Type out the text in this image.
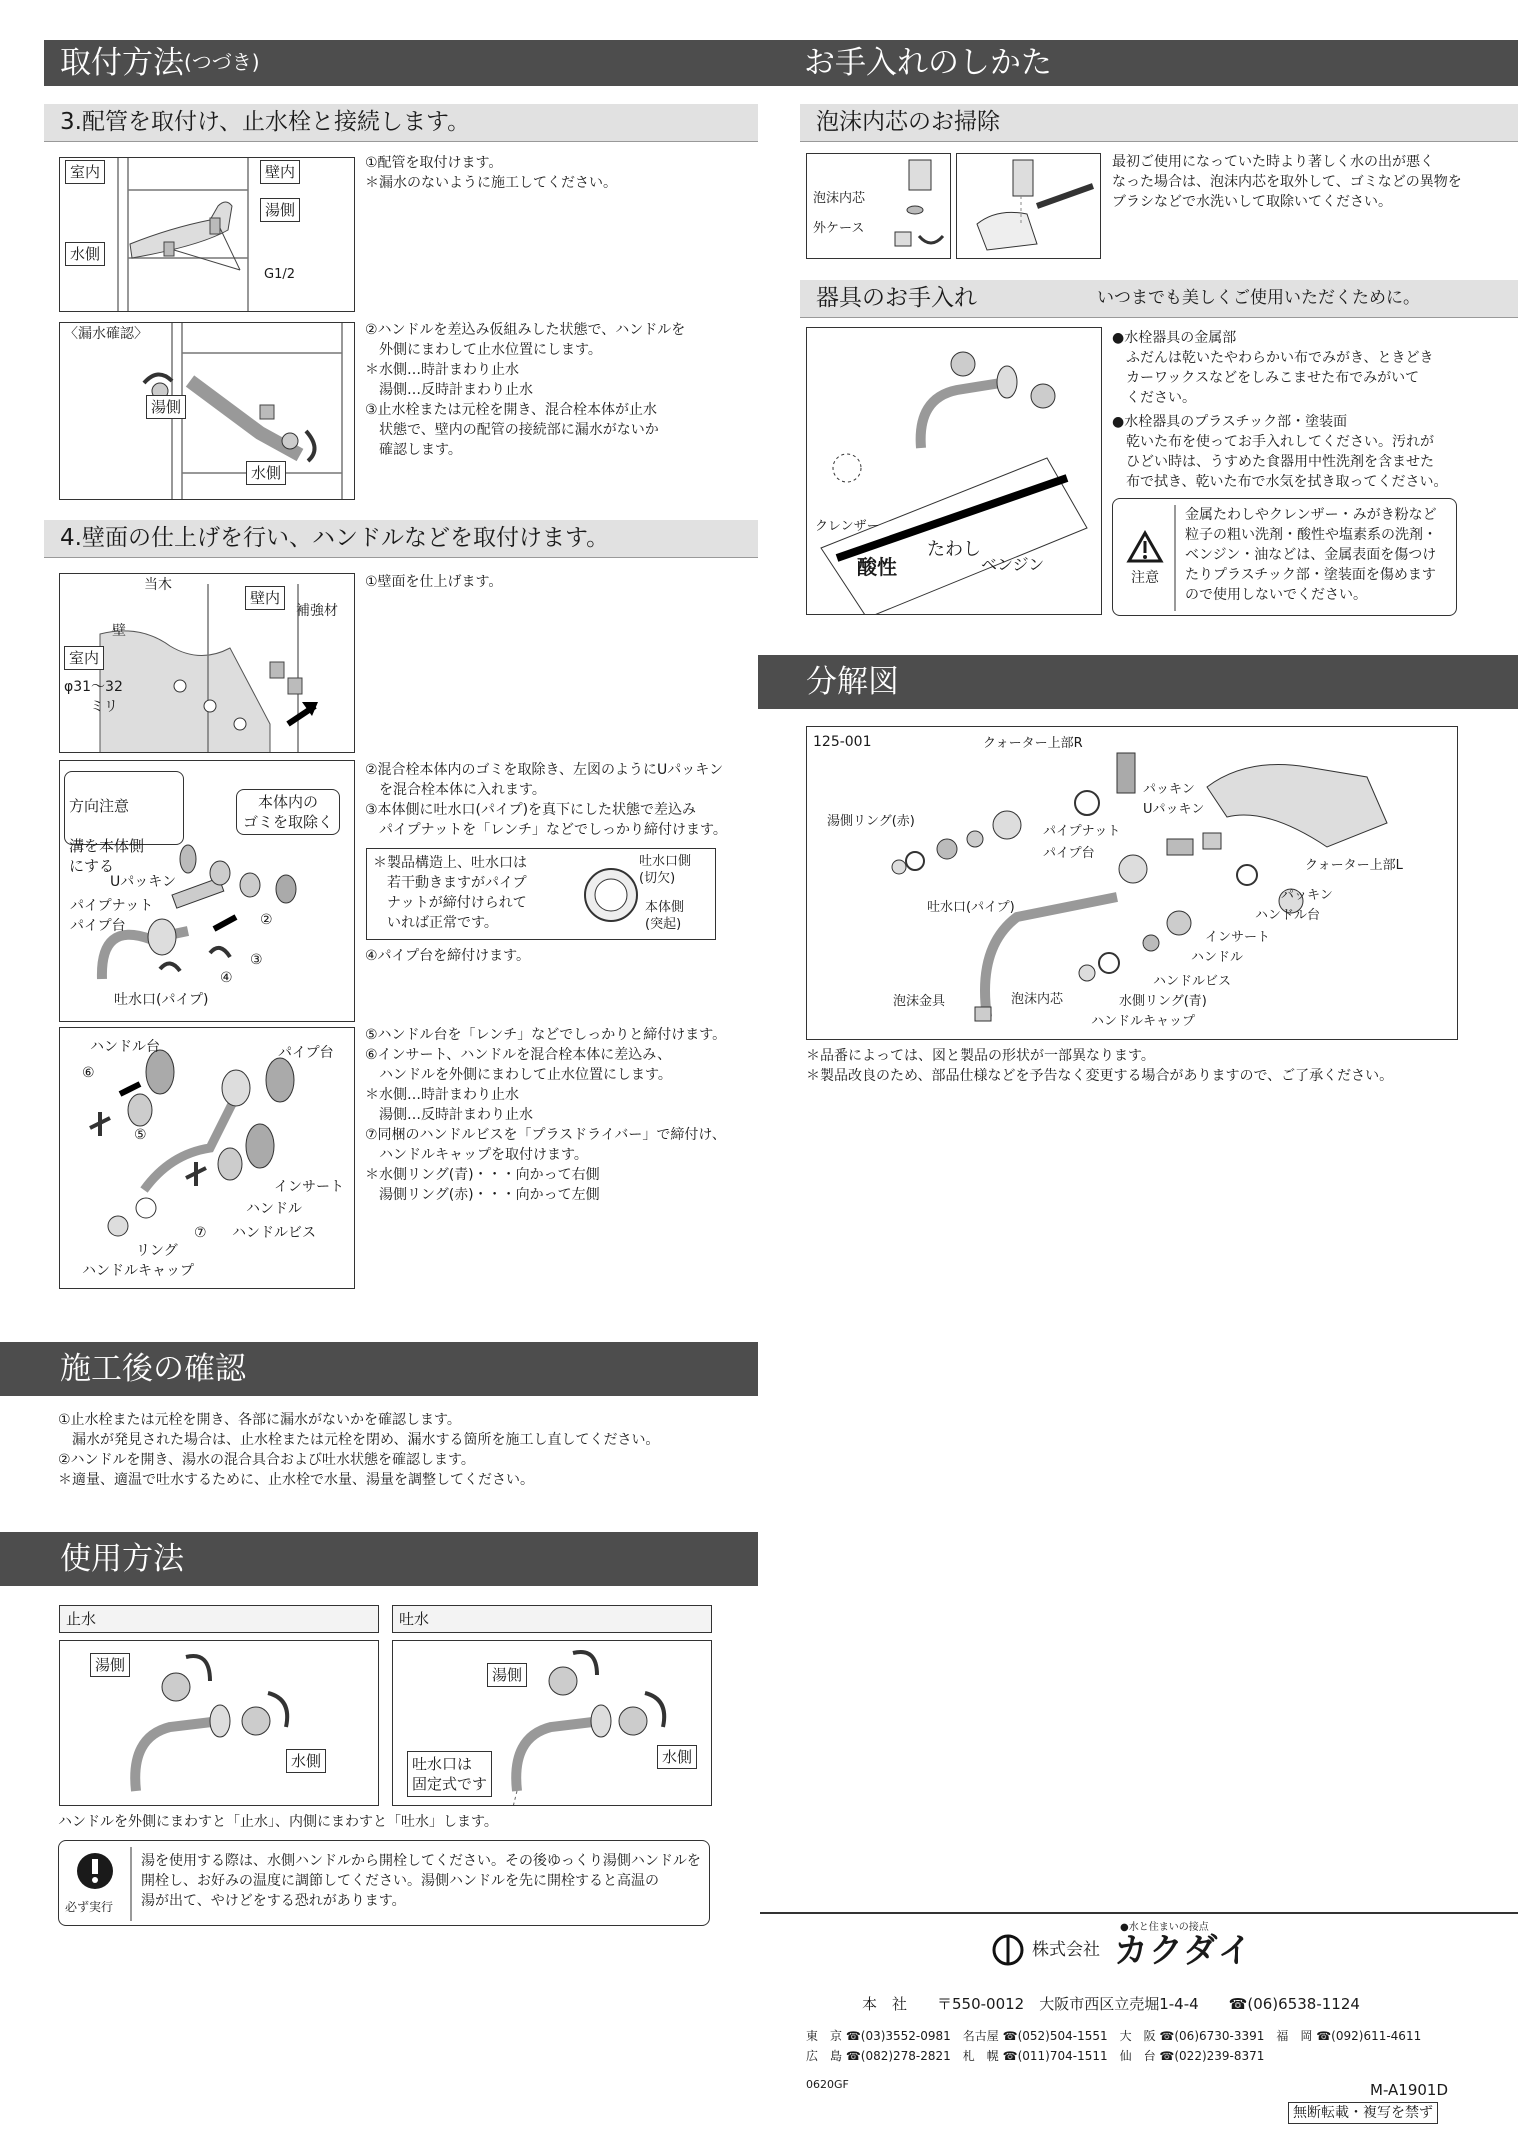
取付方法 (つづき)
3.配管を取付け、止水栓と接続します。
室内	壁内
湯側
水側
G1/2
①配管を取付けます。
＊漏水のないように施工してください。
〈漏水確認〉
湯側
水側
②ハンドルを差込み仮組みした状態で、ハンドルを
　外側にまわして止水位置にします。
＊水側…時計まわり止水
　湯側…反時計まわり止水
③止水栓または元栓を開き、混合栓本体が止水
　状態で、壁内の配管の接続部に漏水がないか
　確認します。
4.壁面の仕上げを行い、ハンドルなどを取付けます。
当木
壁内
補強材
壁
室内
φ31～32
ミリ
①壁面を仕上げます。

方向注意

溝を本体側
にする

本体内の
ゴミを取除く
Uパッキン
パイプナット
パイプ台	②
③
④
吐水口(パイプ)
②混合栓本体内のゴミを取除き、左図のようにUパッキン
　を混合栓本体に入れます。
③本体側に吐水口(パイプ)を真下にした状態で差込み
　パイプナットを「レンチ」などでしっかり締付けます。
＊製品構造上、吐水口は
　若干動きますがパイプ
　ナットが締付けられて
　いれば正常です。
吐水口側
(切欠)
本体側
(突起)
④パイプ台を締付けます。
ハンドル台	パイプ台
⑥
⑤
インサート
ハンドル
⑦ ハンドルビス
リング
ハンドルキャップ
⑤ハンドル台を「レンチ」などでしっかりと締付けます。
⑥インサート、ハンドルを混合栓本体に差込み、
　ハンドルを外側にまわして止水位置にします。
＊水側…時計まわり止水
　湯側…反時計まわり止水
⑦同梱のハンドルビスを「プラスドライバー」で締付け、
　ハンドルキャップを取付けます。
＊水側リング(青)・・・向かって右側
　湯側リング(赤)・・・向かって左側
施工後の確認
①止水栓または元栓を開き、各部に漏水がないかを確認します。
　漏水が発見された場合は、止水栓または元栓を閉め、漏水する箇所を施工し直してください。
②ハンドルを開き、湯水の混合具合および吐水状態を確認します。
＊適量、適温で吐水するために、止水栓で水量、湯量を調整してください。
使用方法
止水	吐水
湯側
水側
湯側
水側
吐水口は
固定式です
ハンドルを外側にまわすと「止水」、内側にまわすと「吐水」します。
必ず実行
湯を使用する際は、水側ハンドルから開栓してください。その後ゆっくり湯側ハンドルを
開栓し、お好みの温度に調節してください。湯側ハンドルを先に開栓すると高温の
湯が出て、やけどをする恐れがあります。
お手入れのしかた
泡沫内芯のお掃除
泡沫内芯
外ケース
最初ご使用になっていた時より著しく水の出が悪く
なった場合は、泡沫内芯を取外して、ゴミなどの異物を
ブラシなどで水洗いして取除いてください。
器具のお手入れ	いつまでも美しくご使用いただくために。
酸性
たわし
ベンジン
クレンザー
●水栓器具の金属部
　ふだんは乾いたやわらかい布でみがき、ときどき
　カーワックスなどをしみこませた布でみがいて
　ください。
●水栓器具のプラスチック部・塗装面
　乾いた布を使ってお手入れしてください。汚れが
　ひどい時は、うすめた食器用中性洗剤を含ませた
　布で拭き、乾いた布で水気を拭き取ってください。
注意
金属たわしやクレンザー・みがき粉など
粒子の粗い洗剤・酸性や塩素系の洗剤・
ベンジン・油などは、金属表面を傷つけ
たりプラスチック部・塗装面を傷めます
ので使用しないでください。
分解図
125-001	クォーター上部R
パッキン
Uパッキン
湯側リング(赤)
パイプナット
パイプ台
クォーター上部L
吐水口(パイプ)
パッキン
ハンドル台
インサート
ハンドル
ハンドルビス
泡沫金具	泡沫内芯	水側リング(青)
ハンドルキャップ
＊品番によっては、図と製品の形状が一部異なります。
＊製品改良のため、部品仕様などを予告なく変更する場合がありますので、ご了承ください。
●水と住まいの接点
株式会社 カクダイ
本　社　　〒550-0012　大阪市西区立売堀1-4-4　　☎(06)6538-1124
東　京 ☎(03)3552-0981　名古屋 ☎(052)504-1551　大　阪 ☎(06)6730-3391　福　岡 ☎(092)611-4611
広　島 ☎(082)278-2821　札　幌 ☎(011)704-1511　仙　台 ☎(022)239-8371
0620GF	M-A1901D
無断転載・複写を禁ず
